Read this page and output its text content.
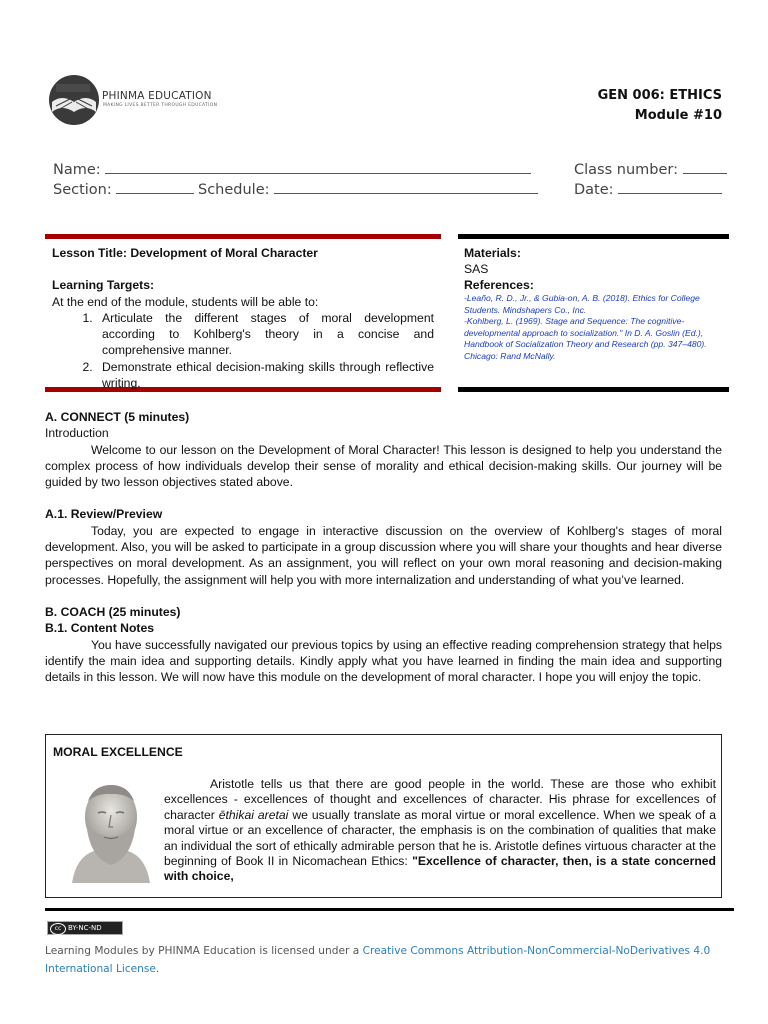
PHINMA EDUCATION
MAKING LIVES BETTER THROUGH EDUCATION
GEN 006: ETHICS
Module #10
Name:	Class number:
Section:	Schedule:	Date:
Lesson Title: Development of Moral Character
Learning Targets:
At the end of the module, students will be able to:
1. Articulate the different stages of moral development according to Kohlberg's theory in a concise and comprehensive manner.
2. Demonstrate ethical decision-making skills through reflective writing.
Materials:
SAS
References:
-Leaño, R. D., Jr., & Gubia-on, A. B. (2018). Ethics for College Students. Mindshapers Co., Inc.
-Kohlberg, L. (1969). Stage and Sequence: The cognitive-developmental approach to socialization." In D. A. Goslin (Ed.), Handbook of Socialization Theory and Research (pp. 347–480). Chicago: Rand McNally.
A. CONNECT (5 minutes)

Introduction

Welcome to our lesson on the Development of Moral Character! This lesson is designed to help you understand the complex process of how individuals develop their sense of morality and ethical decision-making skills. Our journey will be guided by two lesson objectives stated above.

A.1. Review/Preview

Today, you are expected to engage in interactive discussion on the overview of Kohlberg's stages of moral development. Also, you will be asked to participate in a group discussion where you will share your thoughts and hear diverse perspectives on moral development. As an assignment, you will reflect on your own moral reasoning and decision-making processes. Hopefully, the assignment will help you with more internalization and understanding of what you’ve learned.

B. COACH (25 minutes)
B.1. Content Notes

You have successfully navigated our previous topics by using an effective reading comprehension strategy that helps identify the main idea and supporting details. Kindly apply what you have learned in finding the main idea and supporting details in this lesson. We will now have this module on the development of moral character. I hope you will enjoy the topic.

MORAL EXCELLENCE
Aristotle tells us that there are good people in the world. These are those who exhibit excellences - excellences of thought and excellences of character. His phrase for excellences of character ēthikai aretai we usually translate as moral virtue or moral excellence. When we speak of a moral virtue or an excellence of character, the emphasis is on the combination of qualities that make an individual the sort of ethically admirable person that he is. Aristotle defines virtuous character at the beginning of Book II in Nicomachean Ethics: "Excellence of character, then, is a state concerned with choice,
cc BY-NC-ND
Learning Modules by PHINMA Education is licensed under a Creative Commons Attribution-NonCommercial-NoDerivatives 4.0 International License.
